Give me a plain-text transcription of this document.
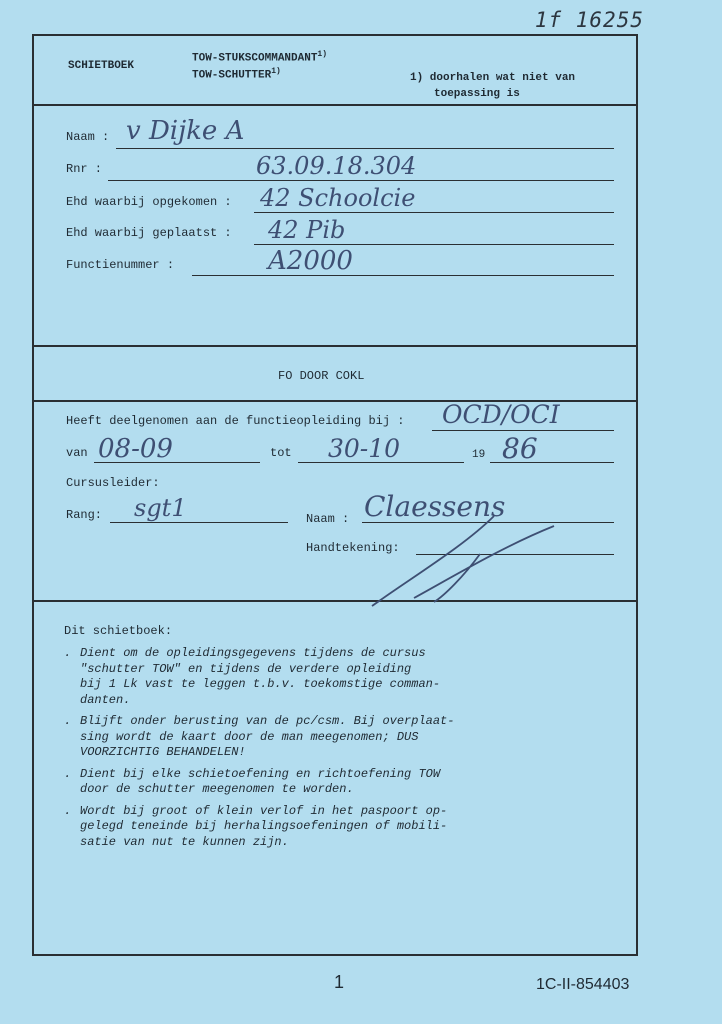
1f 16255
SCHIETBOEK
TOW-STUKSCOMMANDANT$^{1)}$
TOW-SCHUTTER$^{1)}$
1) doorhalen wat niet van
toepassing is
Naam : v Dijke A
Rnr :	63.09.18.304
Ehd waarbij opgekomen : 42 Schoolcie
Ehd waarbij geplaatst : 42 Pib
Functienummer :	A2000
FO DOOR COKL
Heeft deelgenomen aan de functieopleiding bij : OCD/OCI
van 08-09	tot 30-10	19 86
Cursusleider:
Rang: sgt1	Naam : Claessens
Handtekening:
Dit schietboek:
. Dient om de opleidingsgegevens tijdens de cursus
"schutter TOW" en tijdens de verdere opleiding
bij 1 Lk vast te leggen t.b.v. toekomstige comman-
danten.
. Blijft onder berusting van de pc/csm. Bij overplaat-
sing wordt de kaart door de man meegenomen; DUS
VOORZICHTIG BEHANDELEN!
. Dient bij elke schietoefening en richtoefening TOW
door de schutter meegenomen te worden.
. Wordt bij groot of klein verlof in het paspoort op-
gelegd teneinde bij herhalingsoefeningen of mobili-
satie van nut te kunnen zijn.
1	1C-II-854403
